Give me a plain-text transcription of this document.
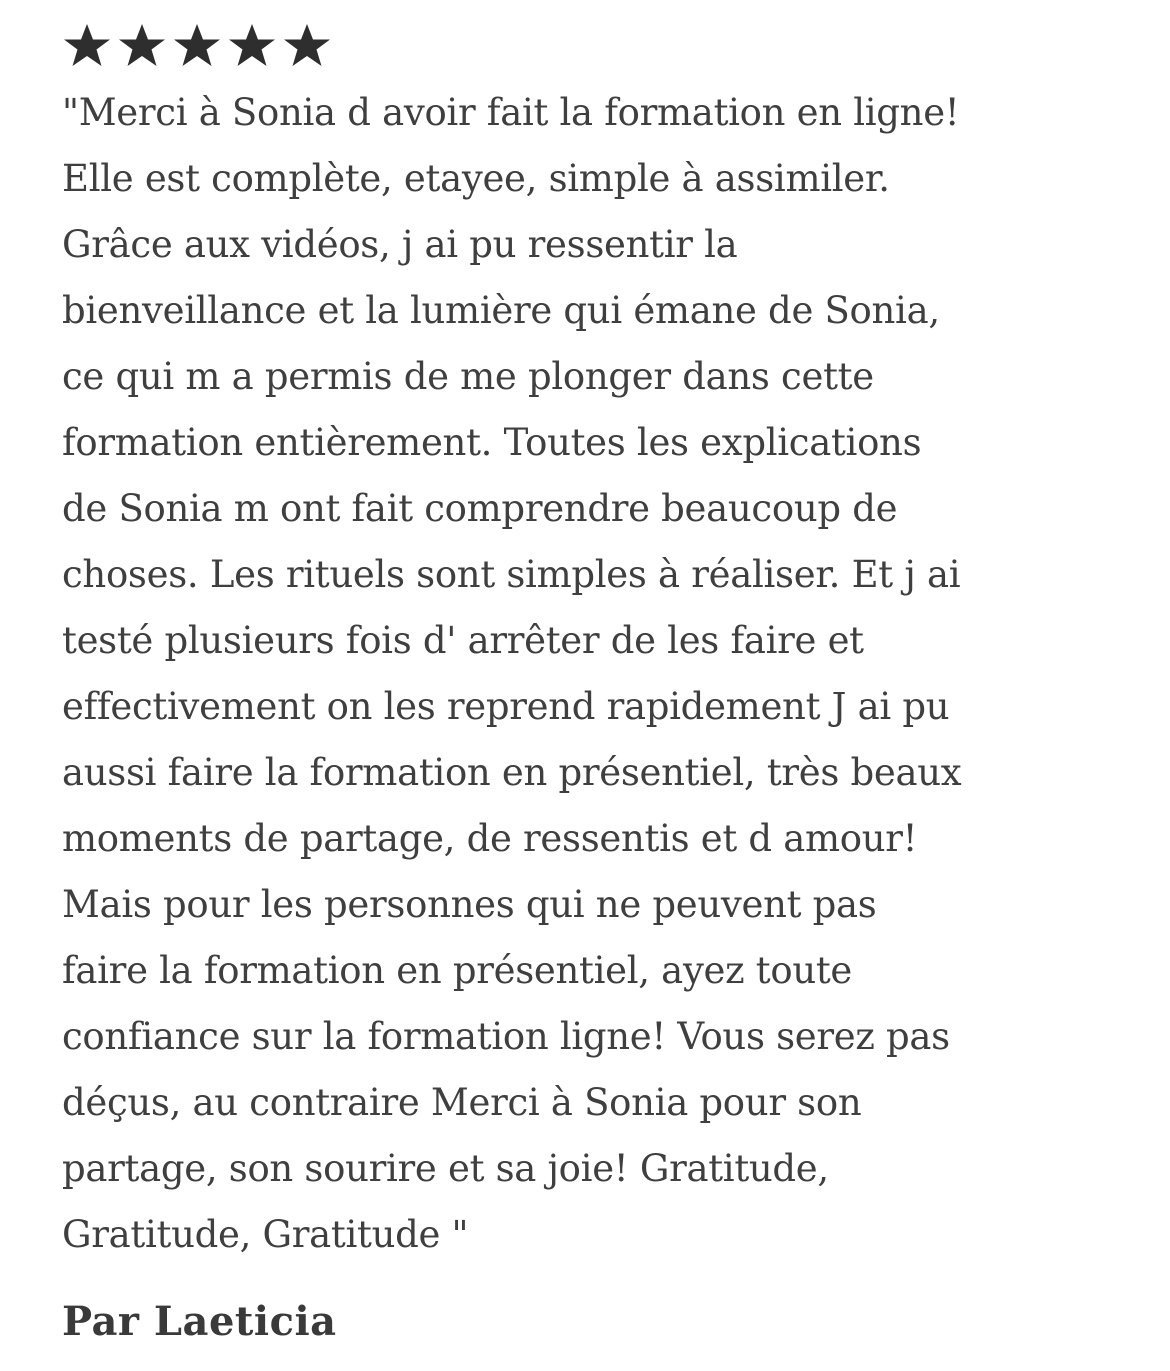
"Merci à Sonia d avoir fait la formation en ligne!
Elle est complète, etayee, simple à assimiler.
Grâce aux vidéos, j ai pu ressentir la
bienveillance et la lumière qui émane de Sonia,
ce qui m a permis de me plonger dans cette
formation entièrement. Toutes les explications
de Sonia m ont fait comprendre beaucoup de
choses. Les rituels sont simples à réaliser. Et j ai
testé plusieurs fois d' arrêter de les faire et
effectivement on les reprend rapidement J ai pu
aussi faire la formation en présentiel, très beaux
moments de partage, de ressentis et d amour!
Mais pour les personnes qui ne peuvent pas
faire la formation en présentiel, ayez toute
confiance sur la formation ligne! Vous serez pas
déçus, au contraire Merci à Sonia pour son
partage, son sourire et sa joie! Gratitude,
Gratitude, Gratitude "

Par Laeticia
